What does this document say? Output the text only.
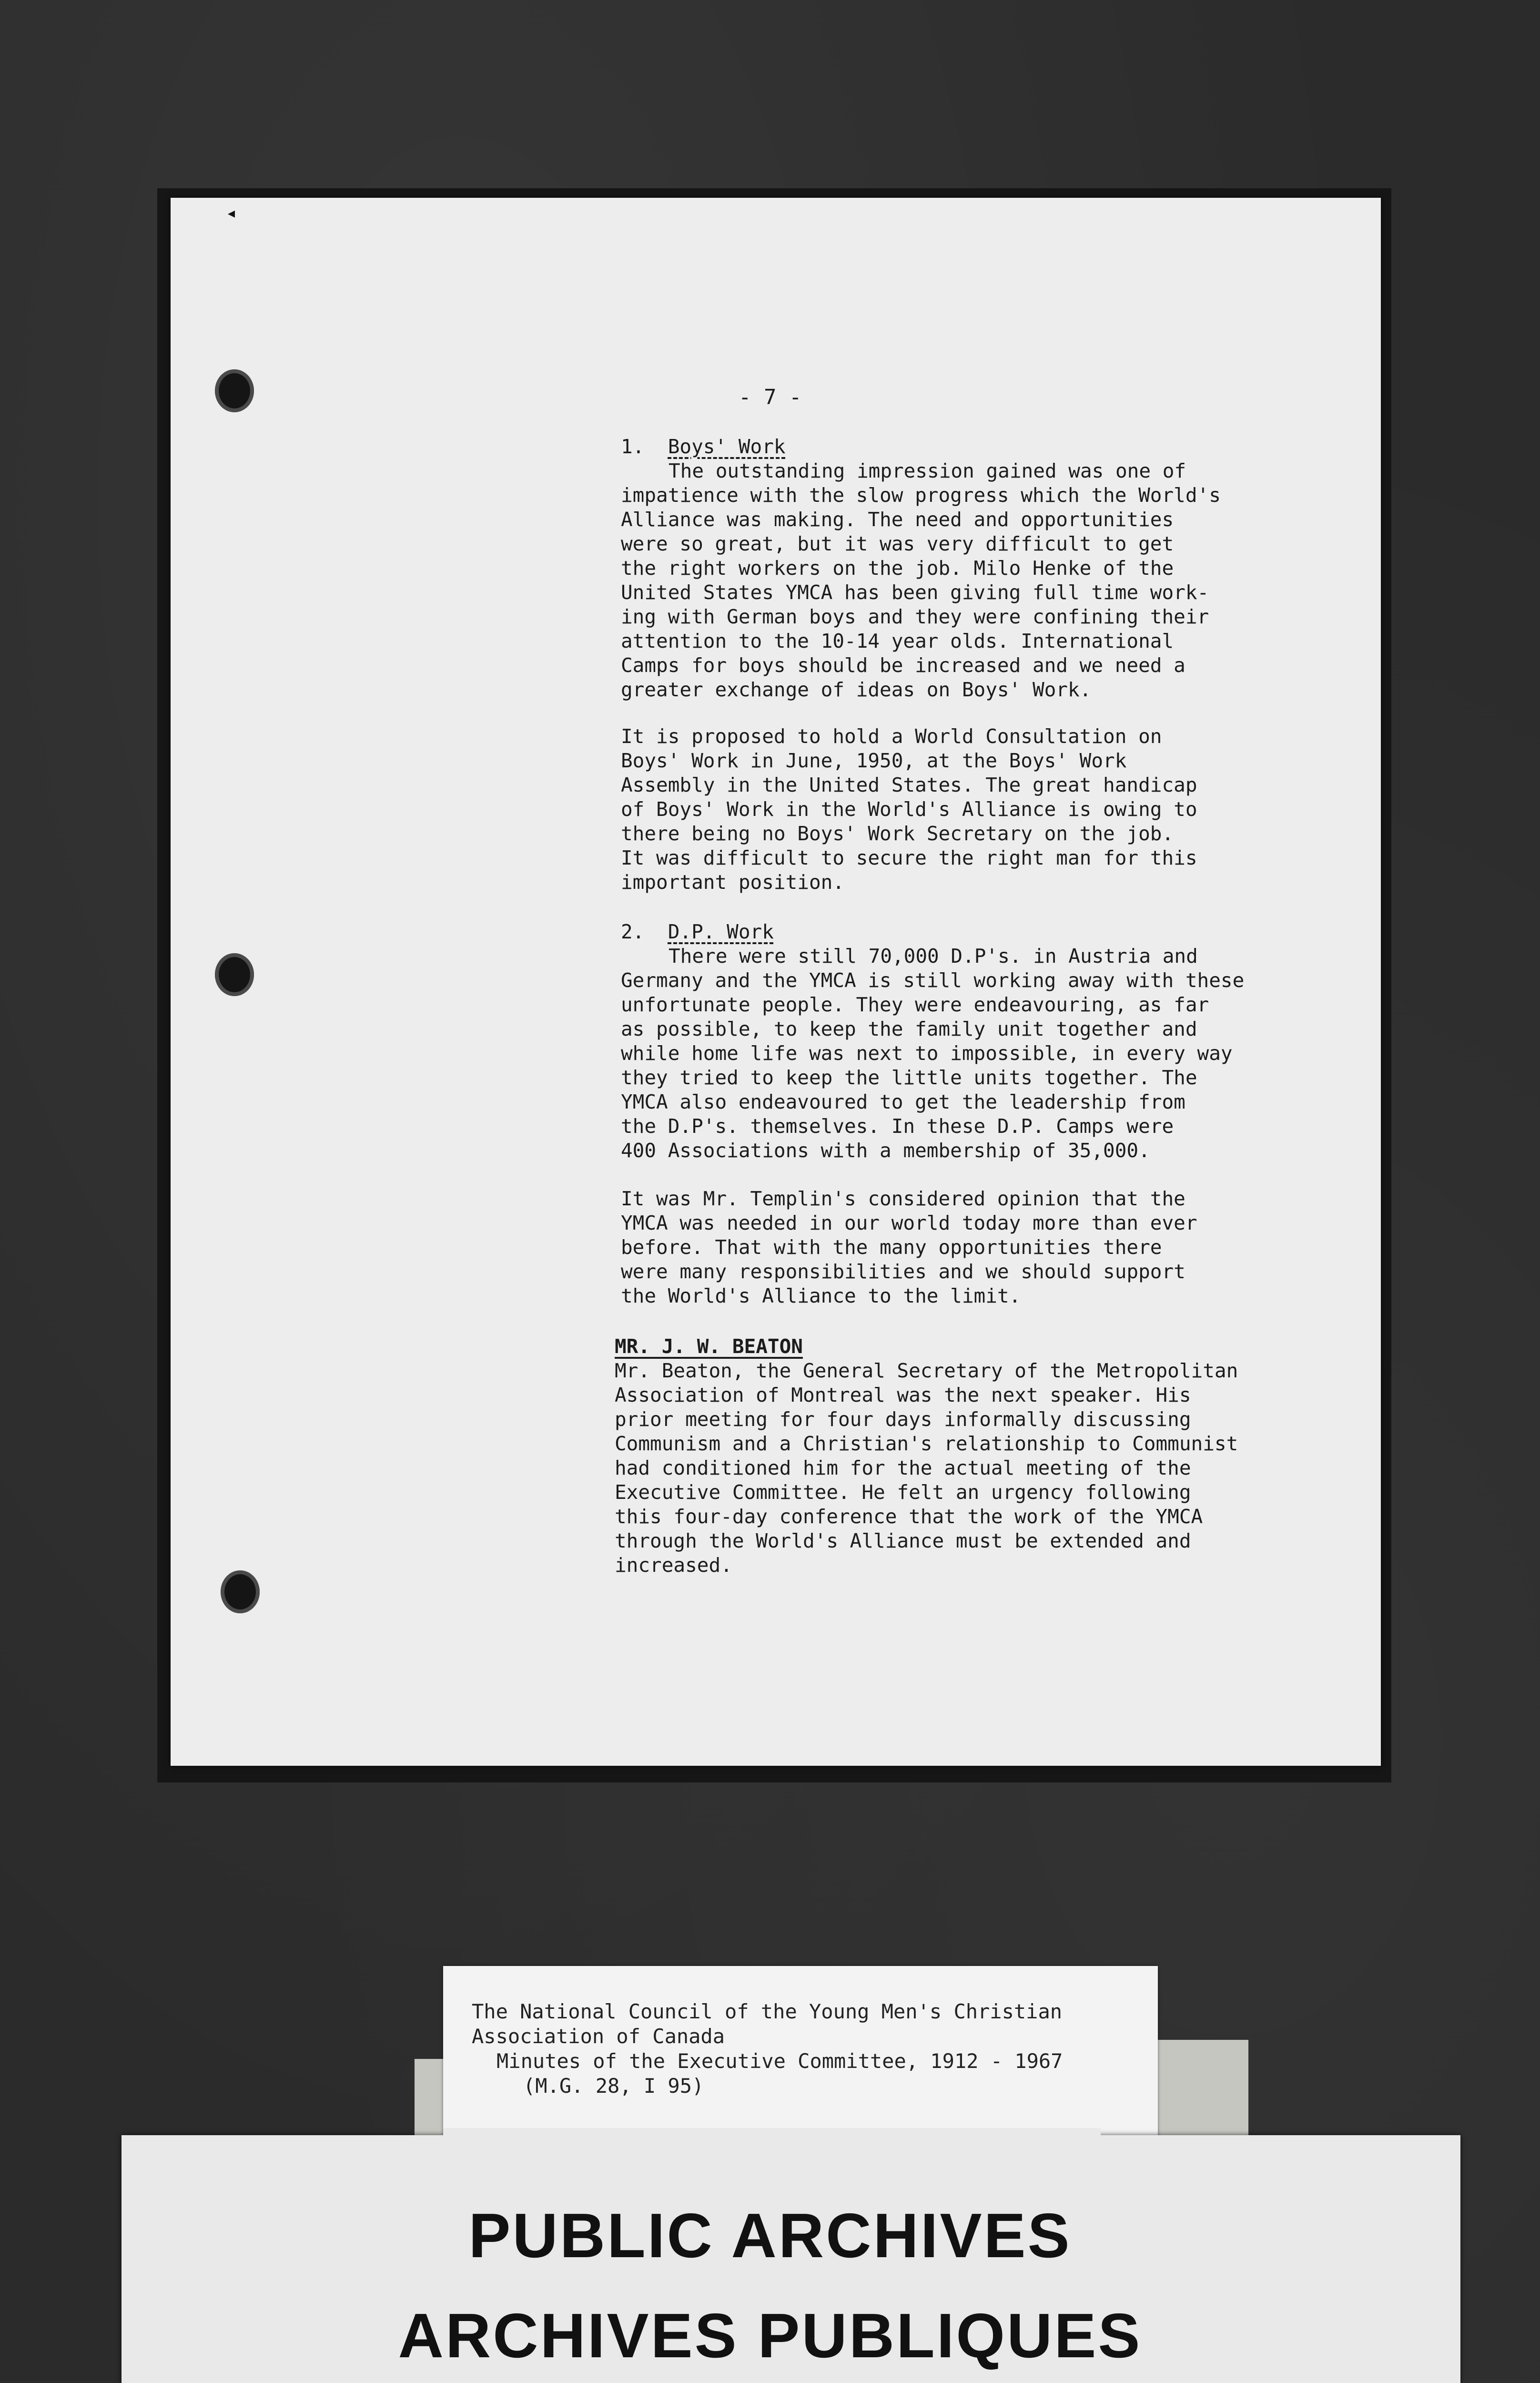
- 7 -
1. Boys' Work

The outstanding impression gained was one of
impatience with the slow progress which the World's
Alliance was making. The need and opportunities
were so great, but it was very difficult to get
the right workers on the job. Milo Henke of the
United States YMCA has been giving full time work-
ing with German boys and they were confining their
attention to the 10-14 year olds. International
Camps for boys should be increased and we need a
greater exchange of ideas on Boys' Work.

It is proposed to hold a World Consultation on
Boys' Work in June, 1950, at the Boys' Work
Assembly in the United States. The great handicap
of Boys' Work in the World's Alliance is owing to
there being no Boys' Work Secretary on the job.
It was difficult to secure the right man for this
important position.

2. D.P. Work

There were still 70,000 D.P's. in Austria and
Germany and the YMCA is still working away with these
unfortunate people. They were endeavouring, as far
as possible, to keep the family unit together and
while home life was next to impossible, in every way
they tried to keep the little units together. The
YMCA also endeavoured to get the leadership from
the D.P's. themselves. In these D.P. Camps were
400 Associations with a membership of 35,000.

It was Mr. Templin's considered opinion that the
YMCA was needed in our world today more than ever
before. That with the many opportunities there
were many responsibilities and we should support
the World's Alliance to the limit.

MR. J. W. BEATON

Mr. Beaton, the General Secretary of the Metropolitan
Association of Montreal was the next speaker. His
prior meeting for four days informally discussing
Communism and a Christian's relationship to Communist
had conditioned him for the actual meeting of the
Executive Committee. He felt an urgency following
this four-day conference that the work of the YMCA
through the World's Alliance must be extended and
increased.

◂
The National Council of the Young Men's Christian
Association of Canada
Minutes of the Executive Committee, 1912 - 1967
(M.G. 28, I 95)
PUBLIC ARCHIVES
ARCHIVES PUBLIQUES
